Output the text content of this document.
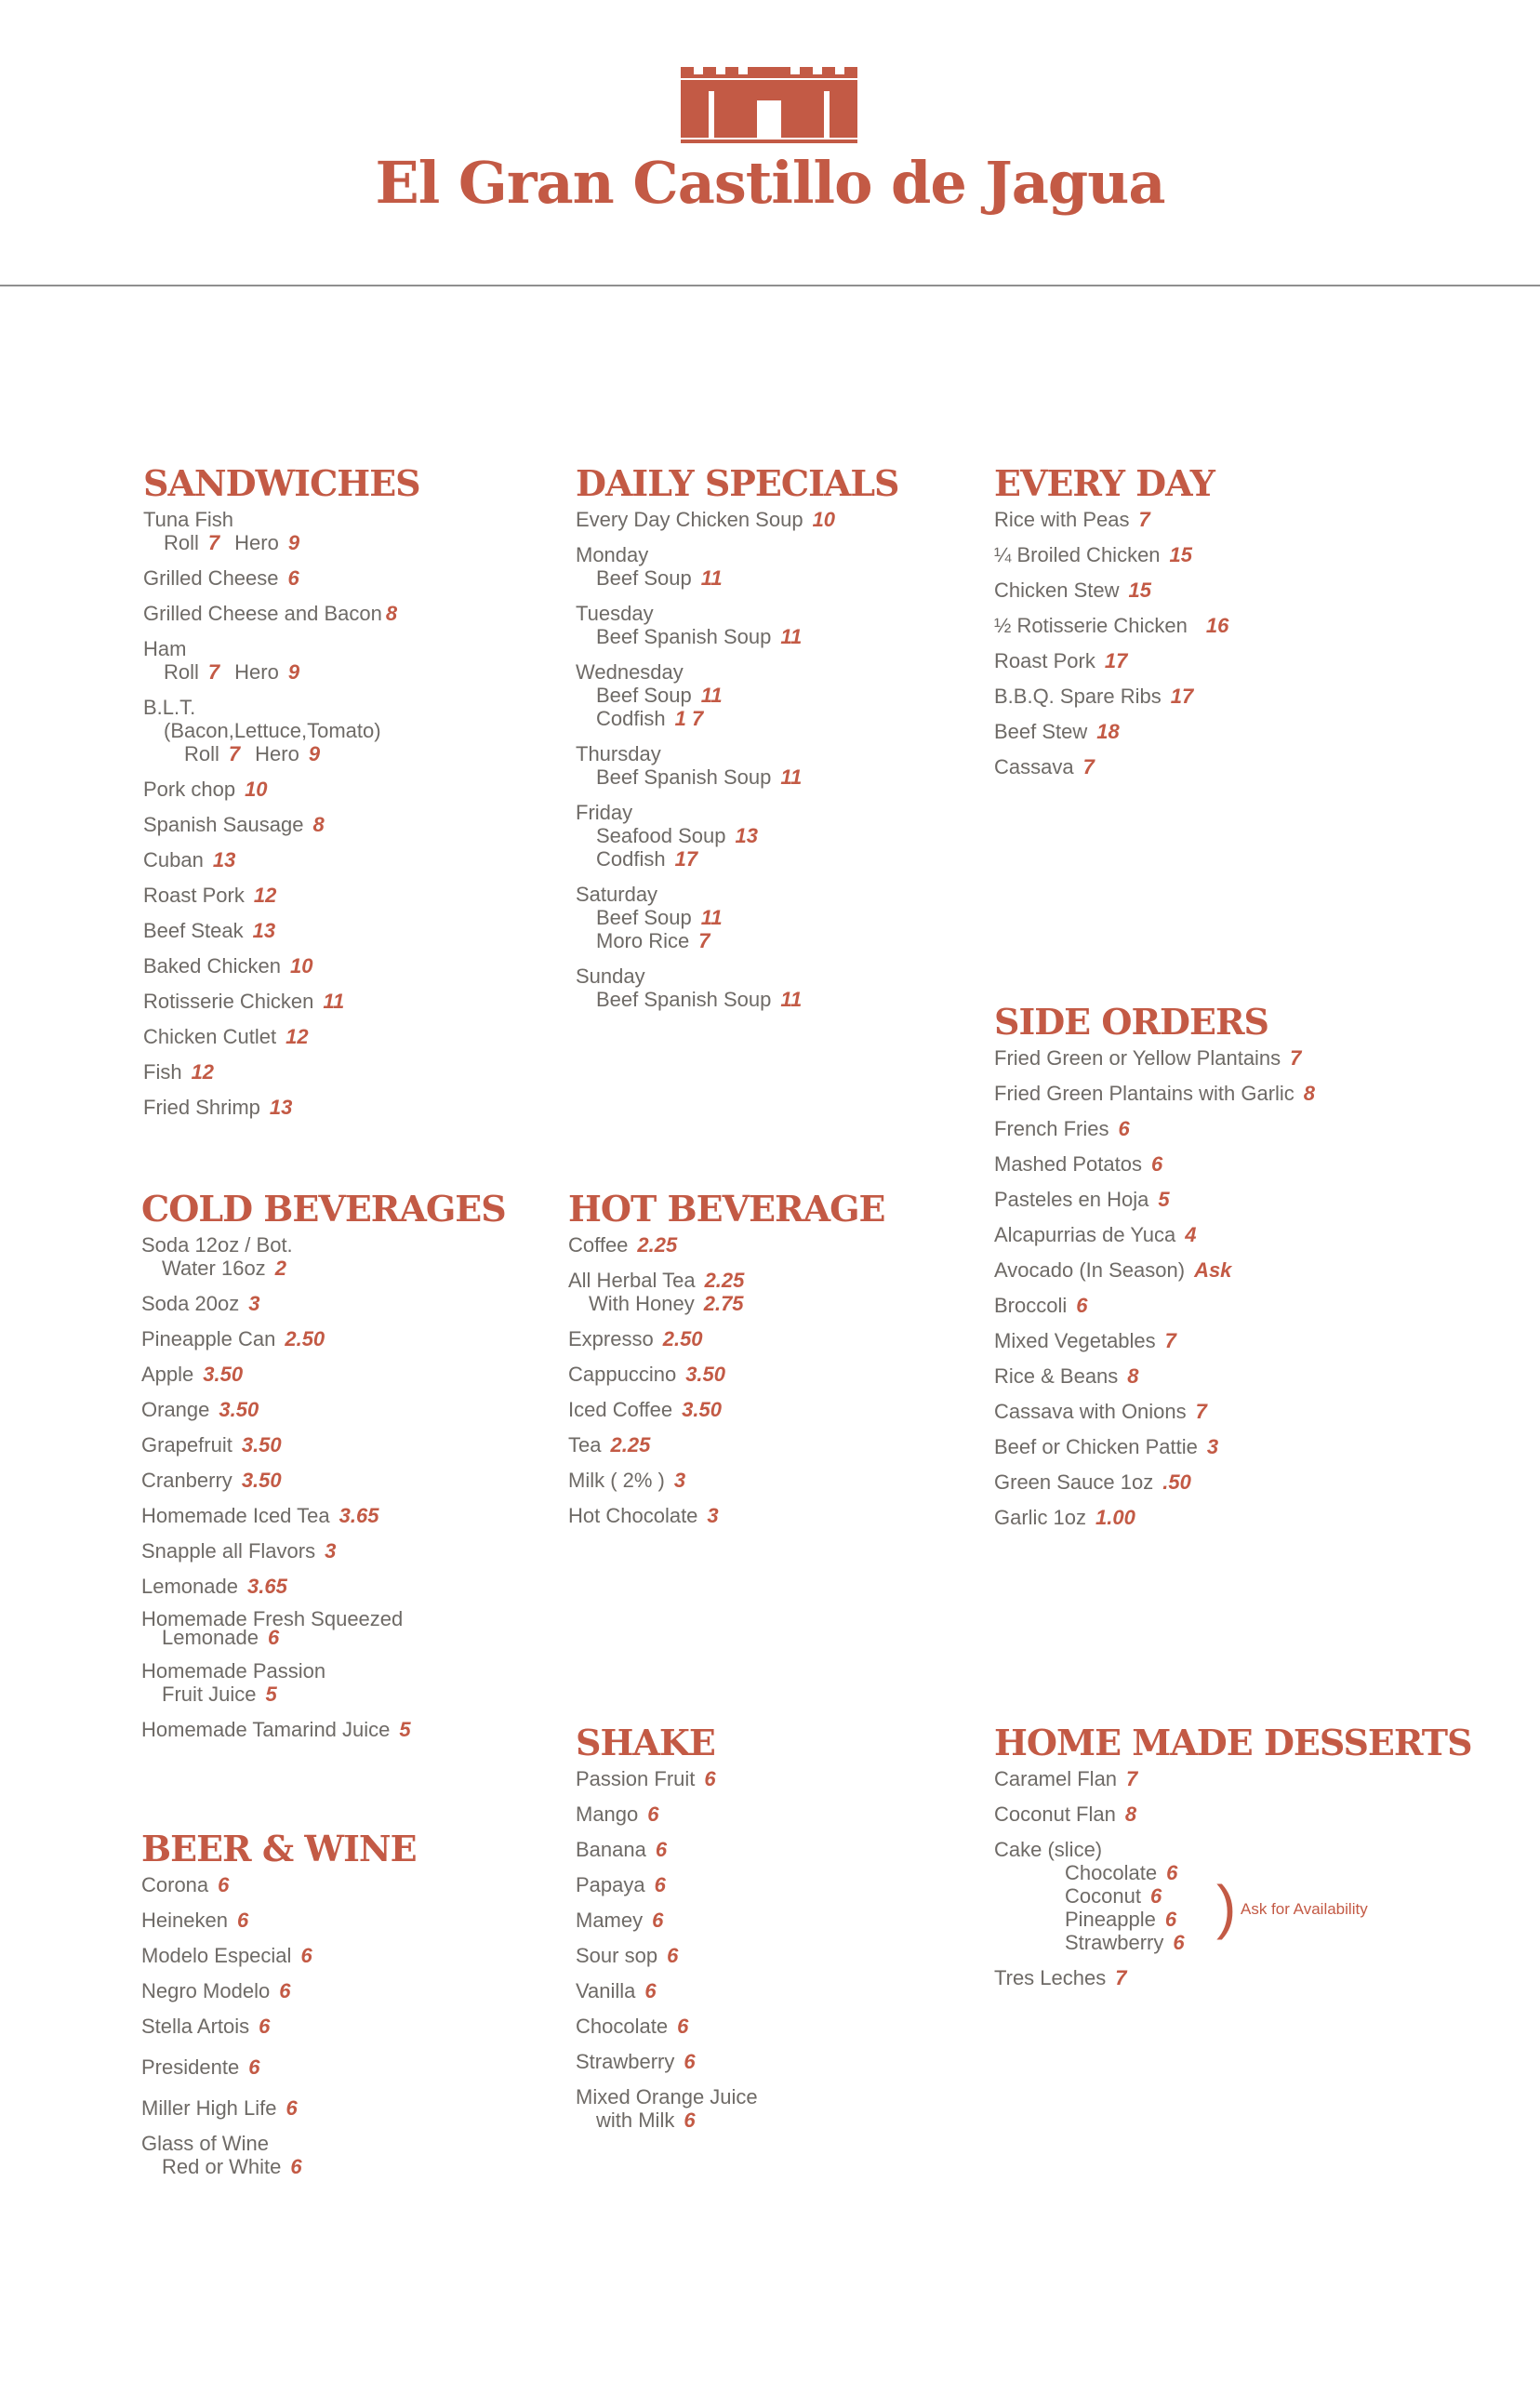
El Gran Castillo de Jagua
SANDWICHES
Tuna Fish
Roll 7 Hero 9
Grilled Cheese 6
Grilled Cheese and Bacon 8
Ham
Roll 7 Hero 9
B.L.T.
(Bacon,Lettuce,Tomato)
Roll 7 Hero 9
Pork chop 10
Spanish Sausage 8
Cuban 13
Roast Pork 12
Beef Steak 13
Baked Chicken 10
Rotisserie Chicken 11
Chicken Cutlet 12
Fish 12
Fried Shrimp 13
DAILY SPECIALS
Every Day Chicken Soup 10
Monday
Beef Soup 11
Tuesday
Beef Spanish Soup 11
Wednesday
Beef Soup 11
Codfish 1 7
Thursday
Beef Spanish Soup 11
Friday
Seafood Soup 13
Codfish 17
Saturday
Beef Soup 11
Moro Rice 7
Sunday
Beef Spanish Soup 11
EVERY DAY
Rice with Peas 7
¼ Broiled Chicken 15
Chicken Stew 15
½ Rotisserie Chicken 16
Roast Pork 17
B.B.Q. Spare Ribs 17
Beef Stew 18
Cassava 7
SIDE ORDERS
Fried Green or Yellow Plantains 7
Fried Green Plantains with Garlic 8
French Fries 6
Mashed Potatos 6
Pasteles en Hoja 5
Alcapurrias de Yuca 4
Avocado (In Season) Ask
Broccoli 6
Mixed Vegetables 7
Rice & Beans 8
Cassava with Onions 7
Beef or Chicken Pattie 3
Green Sauce 1oz .50
Garlic 1oz 1.00
COLD BEVERAGES
Soda 12oz / Bot.
Water 16oz 2
Soda 20oz 3
Pineapple Can 2.50
Apple 3.50
Orange 3.50
Grapefruit 3.50
Cranberry 3.50
Homemade Iced Tea 3.65
Snapple all Flavors 3
Lemonade 3.65
Homemade Fresh Squeezed
Lemonade 6
Homemade Passion
Fruit Juice 5
Homemade Tamarind Juice 5
HOT BEVERAGE
Coffee 2.25
All Herbal Tea 2.25
With Honey 2.75
Expresso 2.50
Cappuccino 3.50
Iced Coffee 3.50
Tea 2.25
Milk ( 2% ) 3
Hot Chocolate 3
BEER & WINE
Corona 6
Heineken 6
Modelo Especial 6
Negro Modelo 6
Stella Artois 6
Presidente 6
Miller High Life 6
Glass of Wine
Red or White 6
SHAKE
Passion Fruit 6
Mango 6
Banana 6
Papaya 6
Mamey 6
Sour sop 6
Vanilla 6
Chocolate 6
Strawberry 6
Mixed Orange Juice
with Milk 6
HOME MADE DESSERTS
Caramel Flan 7
Coconut Flan 8
Cake (slice)
Chocolate 6
Coconut 6
Pineapple 6
Strawberry 6
Tres Leches 7
) Ask for Availability
